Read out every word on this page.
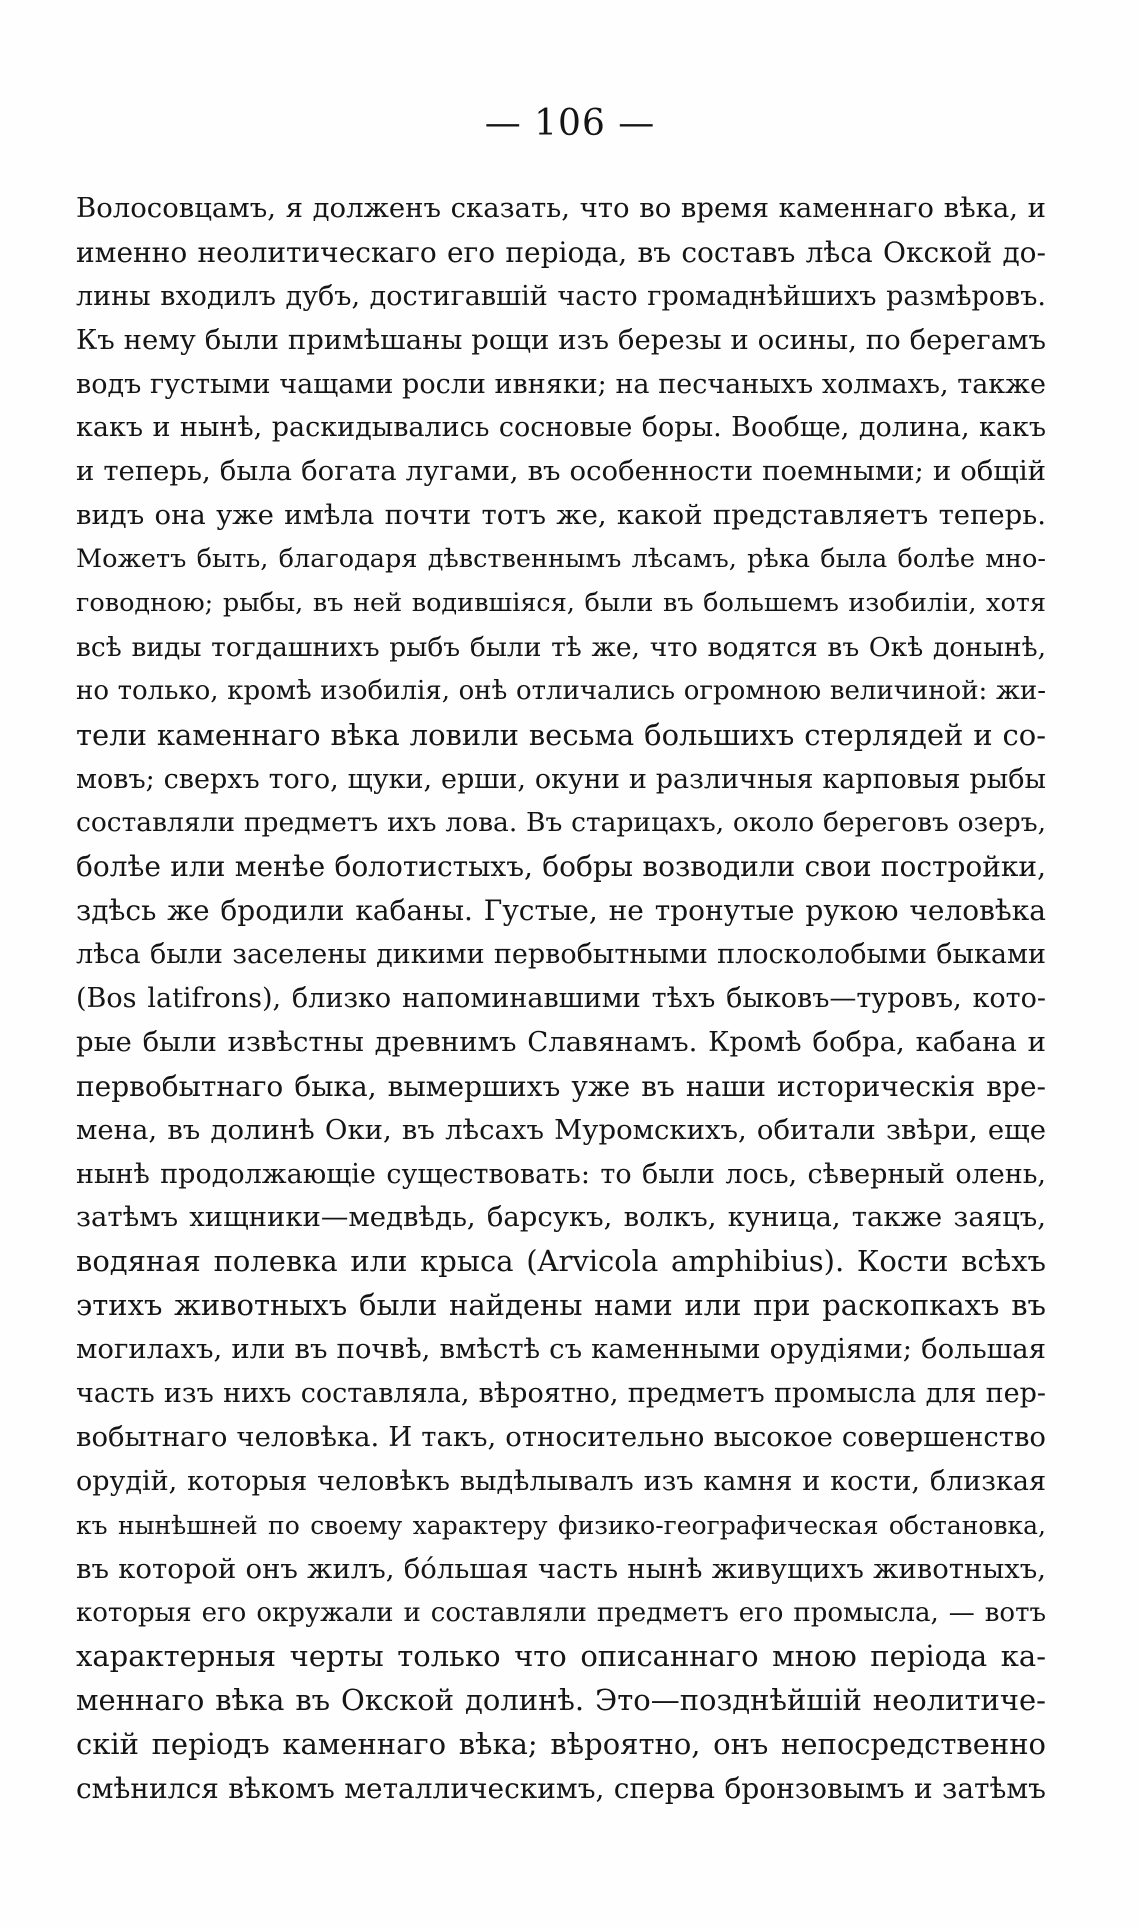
— 106 —
Волосовцамъ, я долженъ сказать, что во время каменнаго вѣка, и
именно неолитическаго его періода, въ составъ лѣса Окской до-
лины входилъ дубъ, достигавшій часто громаднѣйшихъ размѣровъ.
Къ нему были примѣшаны рощи изъ березы и осины, по берегамъ
водъ густыми чащами росли ивняки; на песчаныхъ холмахъ, также
какъ и нынѣ, раскидывались сосновые боры. Вообще, долина, какъ
и теперь, была богата лугами, въ особенности поемными; и общій
видъ она уже имѣла почти тотъ же, какой представляетъ теперь.
Можетъ быть, благодаря дѣвственнымъ лѣсамъ, рѣка была болѣе мно-
говодною; рыбы, въ ней водившіяся, были въ большемъ изобиліи, хотя
всѣ виды тогдашнихъ рыбъ были тѣ же, что водятся въ Окѣ донынѣ,
но только, кромѣ изобилія, онѣ отличались огромною величиной: жи-
тели каменнаго вѣка ловили весьма большихъ стерлядей и со-
мовъ; сверхъ того, щуки, ерши, окуни и различныя карповыя рыбы
составляли предметъ ихъ лова. Въ старицахъ, около береговъ озеръ,
болѣе или менѣе болотистыхъ, бобры возводили свои постройки,
здѣсь же бродили кабаны. Густые, не тронутые рукою человѣка
лѣса были заселены дикими первобытными плосколобыми быками
(Bos latifrons), близко напоминавшими тѣхъ быковъ—туровъ, кото-
рые были извѣстны древнимъ Славянамъ. Кромѣ бобра, кабана и
первобытнаго быка, вымершихъ уже въ наши историческія вре-
мена, въ долинѣ Оки, въ лѣсахъ Муромскихъ, обитали звѣри, еще
нынѣ продолжающіе существовать: то были лось, сѣверный олень,
затѣмъ хищники—медвѣдь, барсукъ, волкъ, куница, также заяцъ,
водяная полевка или крыса (Arvicola amphibius). Кости всѣхъ
этихъ животныхъ были найдены нами или при раскопкахъ въ
могилахъ, или въ почвѣ, вмѣстѣ съ каменными орудіями; большая
часть изъ нихъ составляла, вѣроятно, предметъ промысла для пер-
вобытнаго человѣка. И такъ, относительно высокое совершенство
орудій, которыя человѣкъ выдѣлывалъ изъ камня и кости, близкая
къ нынѣшней по своему характеру физико-географическая обстановка,
въ которой онъ жилъ, бóльшая часть нынѣ живущихъ животныхъ,
которыя его окружали и составляли предметъ его промысла, — вотъ
характерныя черты только что описаннаго мною періода ка-
меннаго вѣка въ Окской долинѣ. Это—позднѣйшій неолитиче-
скій періодъ каменнаго вѣка; вѣроятно, онъ непосредственно
смѣнился вѣкомъ металлическимъ, сперва бронзовымъ и затѣмъ
